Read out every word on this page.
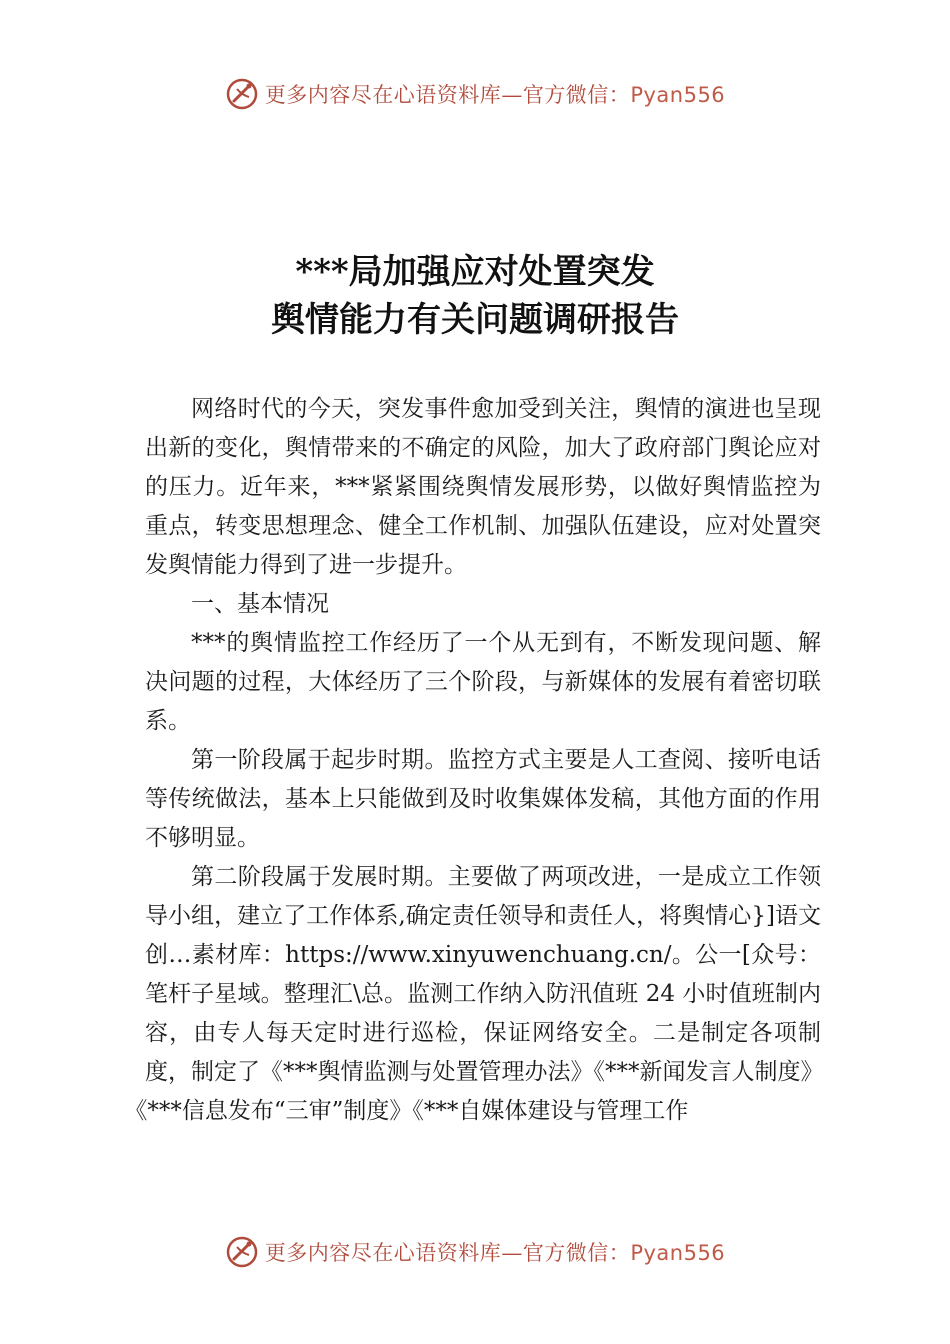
更多内容尽在心语资料库—官方微信：Pyan556
***局加强应对处置突发
舆情能力有关问题调研报告

网络时代的今天，突发事件愈加受到关注，舆情的演进也呈现出新的变化，舆情带来的不确定的风险，加大了政府部门舆论应对的压力。近年来，***紧紧围绕舆情发展形势，以做好舆情监控为重点，转变思想理念、健全工作机制、加强队伍建设，应对处置突发舆情能力得到了进一步提升。

一、基本情况

***的舆情监控工作经历了一个从无到有，不断发现问题、解决问题的过程，大体经历了三个阶段，与新媒体的发展有着密切联系。

第一阶段属于起步时期。监控方式主要是人工查阅、接听电话等传统做法，基本上只能做到及时收集媒体发稿，其他方面的作用不够明显。

第二阶段属于发展时期。主要做了两项改进，一是成立工作领导小组，建立了工作体系,确定责任领导和责任人，将舆情心}]语文创…素材库：https://www.xinyuwenchuang.cn/。公一[众号：笔杆子星域。整理汇\总。监测工作纳入防汛值班 24 小时值班制内容，由专人每天定时进行巡检，保证网络安全。二是制定各项制度，制定了《***舆情监测与处置管理办法》《***新闻发言人制度》

《***信息发布“三审”制度》《***自媒体建设与管理工作

更多内容尽在心语资料库—官方微信：Pyan556
